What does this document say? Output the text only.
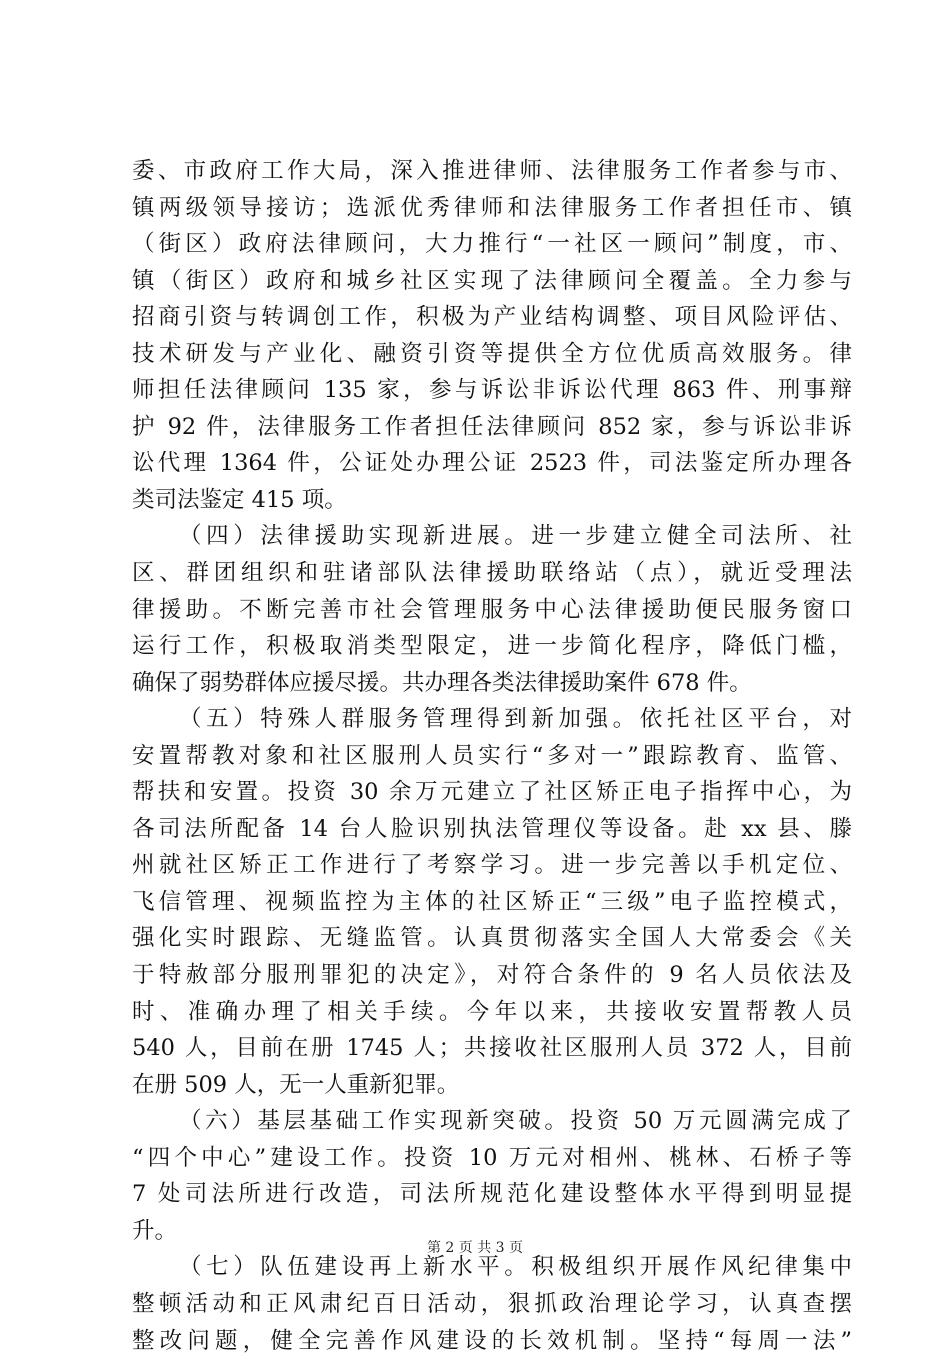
委、市政府工作大局，深入推进律师、法律服务工作者参与市、
镇两级领导接访；选派优秀律师和法律服务工作者担任市、镇
（街区）政府法律顾问，大力推行“一社区一顾问”制度，市、
镇（街区）政府和城乡社区实现了法律顾问全覆盖。全力参与
招商引资与转调创工作，积极为产业结构调整、项目风险评估、
技术研发与产业化、融资引资等提供全方位优质高效服务。律
师担任法律顾问 135 家，参与诉讼非诉讼代理 863 件、刑事辩
护 92 件，法律服务工作者担任法律顾问 852 家，参与诉讼非诉
讼代理 1364 件，公证处办理公证 2523 件，司法鉴定所办理各
类司法鉴定 415 项。
（四）法律援助实现新进展。进一步建立健全司法所、社
区、群团组织和驻诸部队法律援助联络站（点），就近受理法
律援助。不断完善市社会管理服务中心法律援助便民服务窗口
运行工作，积极取消类型限定，进一步简化程序，降低门槛，
确保了弱势群体应援尽援。共办理各类法律援助案件 678 件。
（五）特殊人群服务管理得到新加强。依托社区平台，对
安置帮教对象和社区服刑人员实行“多对一”跟踪教育、监管、
帮扶和安置。投资 30 余万元建立了社区矫正电子指挥中心，为
各司法所配备 14 台人脸识别执法管理仪等设备。赴 xx 县、滕
州就社区矫正工作进行了考察学习。进一步完善以手机定位、
飞信管理、视频监控为主体的社区矫正“三级”电子监控模式，
强化实时跟踪、无缝监管。认真贯彻落实全国人大常委会《关
于特赦部分服刑罪犯的决定》，对符合条件的 9 名人员依法及
时、准确办理了相关手续。今年以来，共接收安置帮教人员
540 人，目前在册 1745 人；共接收社区服刑人员 372 人，目前
在册 509 人，无一人重新犯罪。
（六）基层基础工作实现新突破。投资 50 万元圆满完成了
“四个中心”建设工作。投资 10 万元对相州、桃林、石桥子等
7 处司法所进行改造，司法所规范化建设整体水平得到明显提
升。
（七）队伍建设再上新水平。积极组织开展作风纪律集中
整顿活动和正风肃纪百日活动，狠抓政治理论学习，认真查摆
整改问题，健全完善作风建设的长效机制。坚持“每周一法”
第 2 页 共 3 页
